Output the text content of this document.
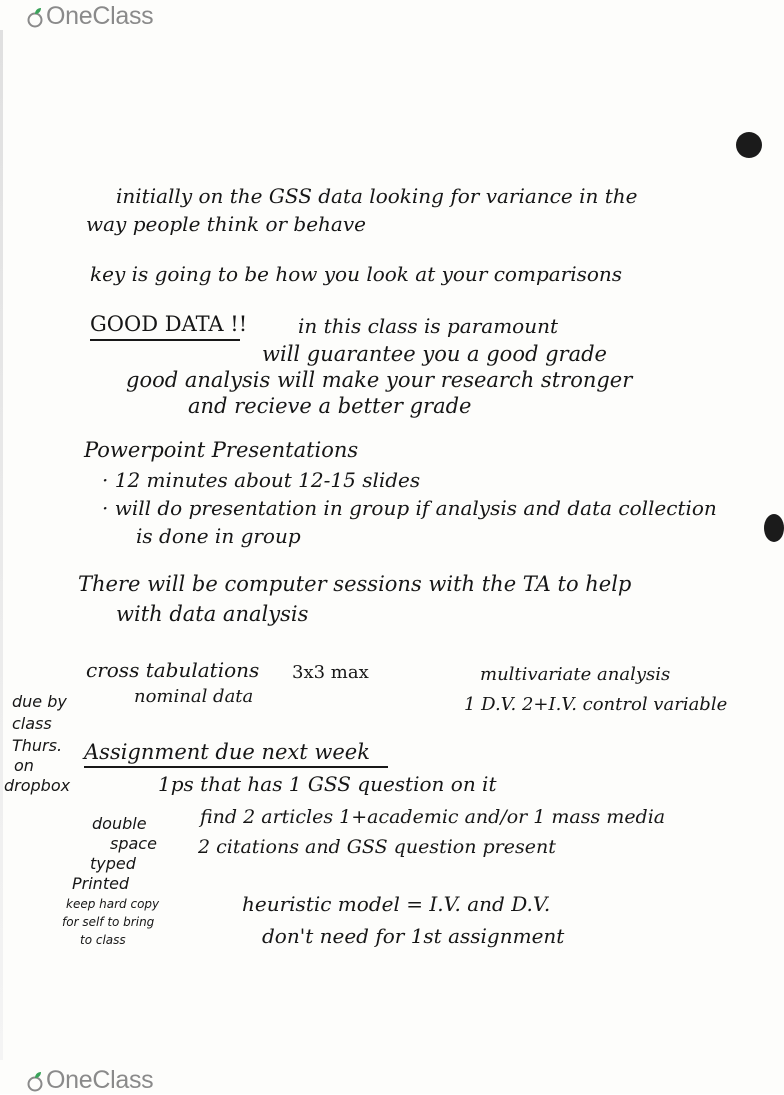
OneClass
initially on the GSS data looking for variance in the
way people think or behave
key is going to be how you look at your comparisons
GOOD DATA !!	in this class is paramount
will guarantee you a good grade
good analysis will make your research stronger
and recieve a better grade
Powerpoint Presentations
· 12 minutes about 12-15 slides
· will do presentation in group if analysis and data collection
is done in group
There will be computer sessions with the TA to help
with data analysis
cross tabulations 3x3 max	multivariate analysis
nominal data	1 D.V. 2+I.V. control variable
due by
class
Thurs.
on
dropbox
Assignment due next week
1ps that has 1 GSS question on it
find 2 articles 1+academic and/or 1 mass media
2 citations and GSS question present
double
space
typed
Printed
keep hard copy
for self to bring
to class
heuristic model = I.V. and D.V.
don't need for 1st assignment
OneClass
